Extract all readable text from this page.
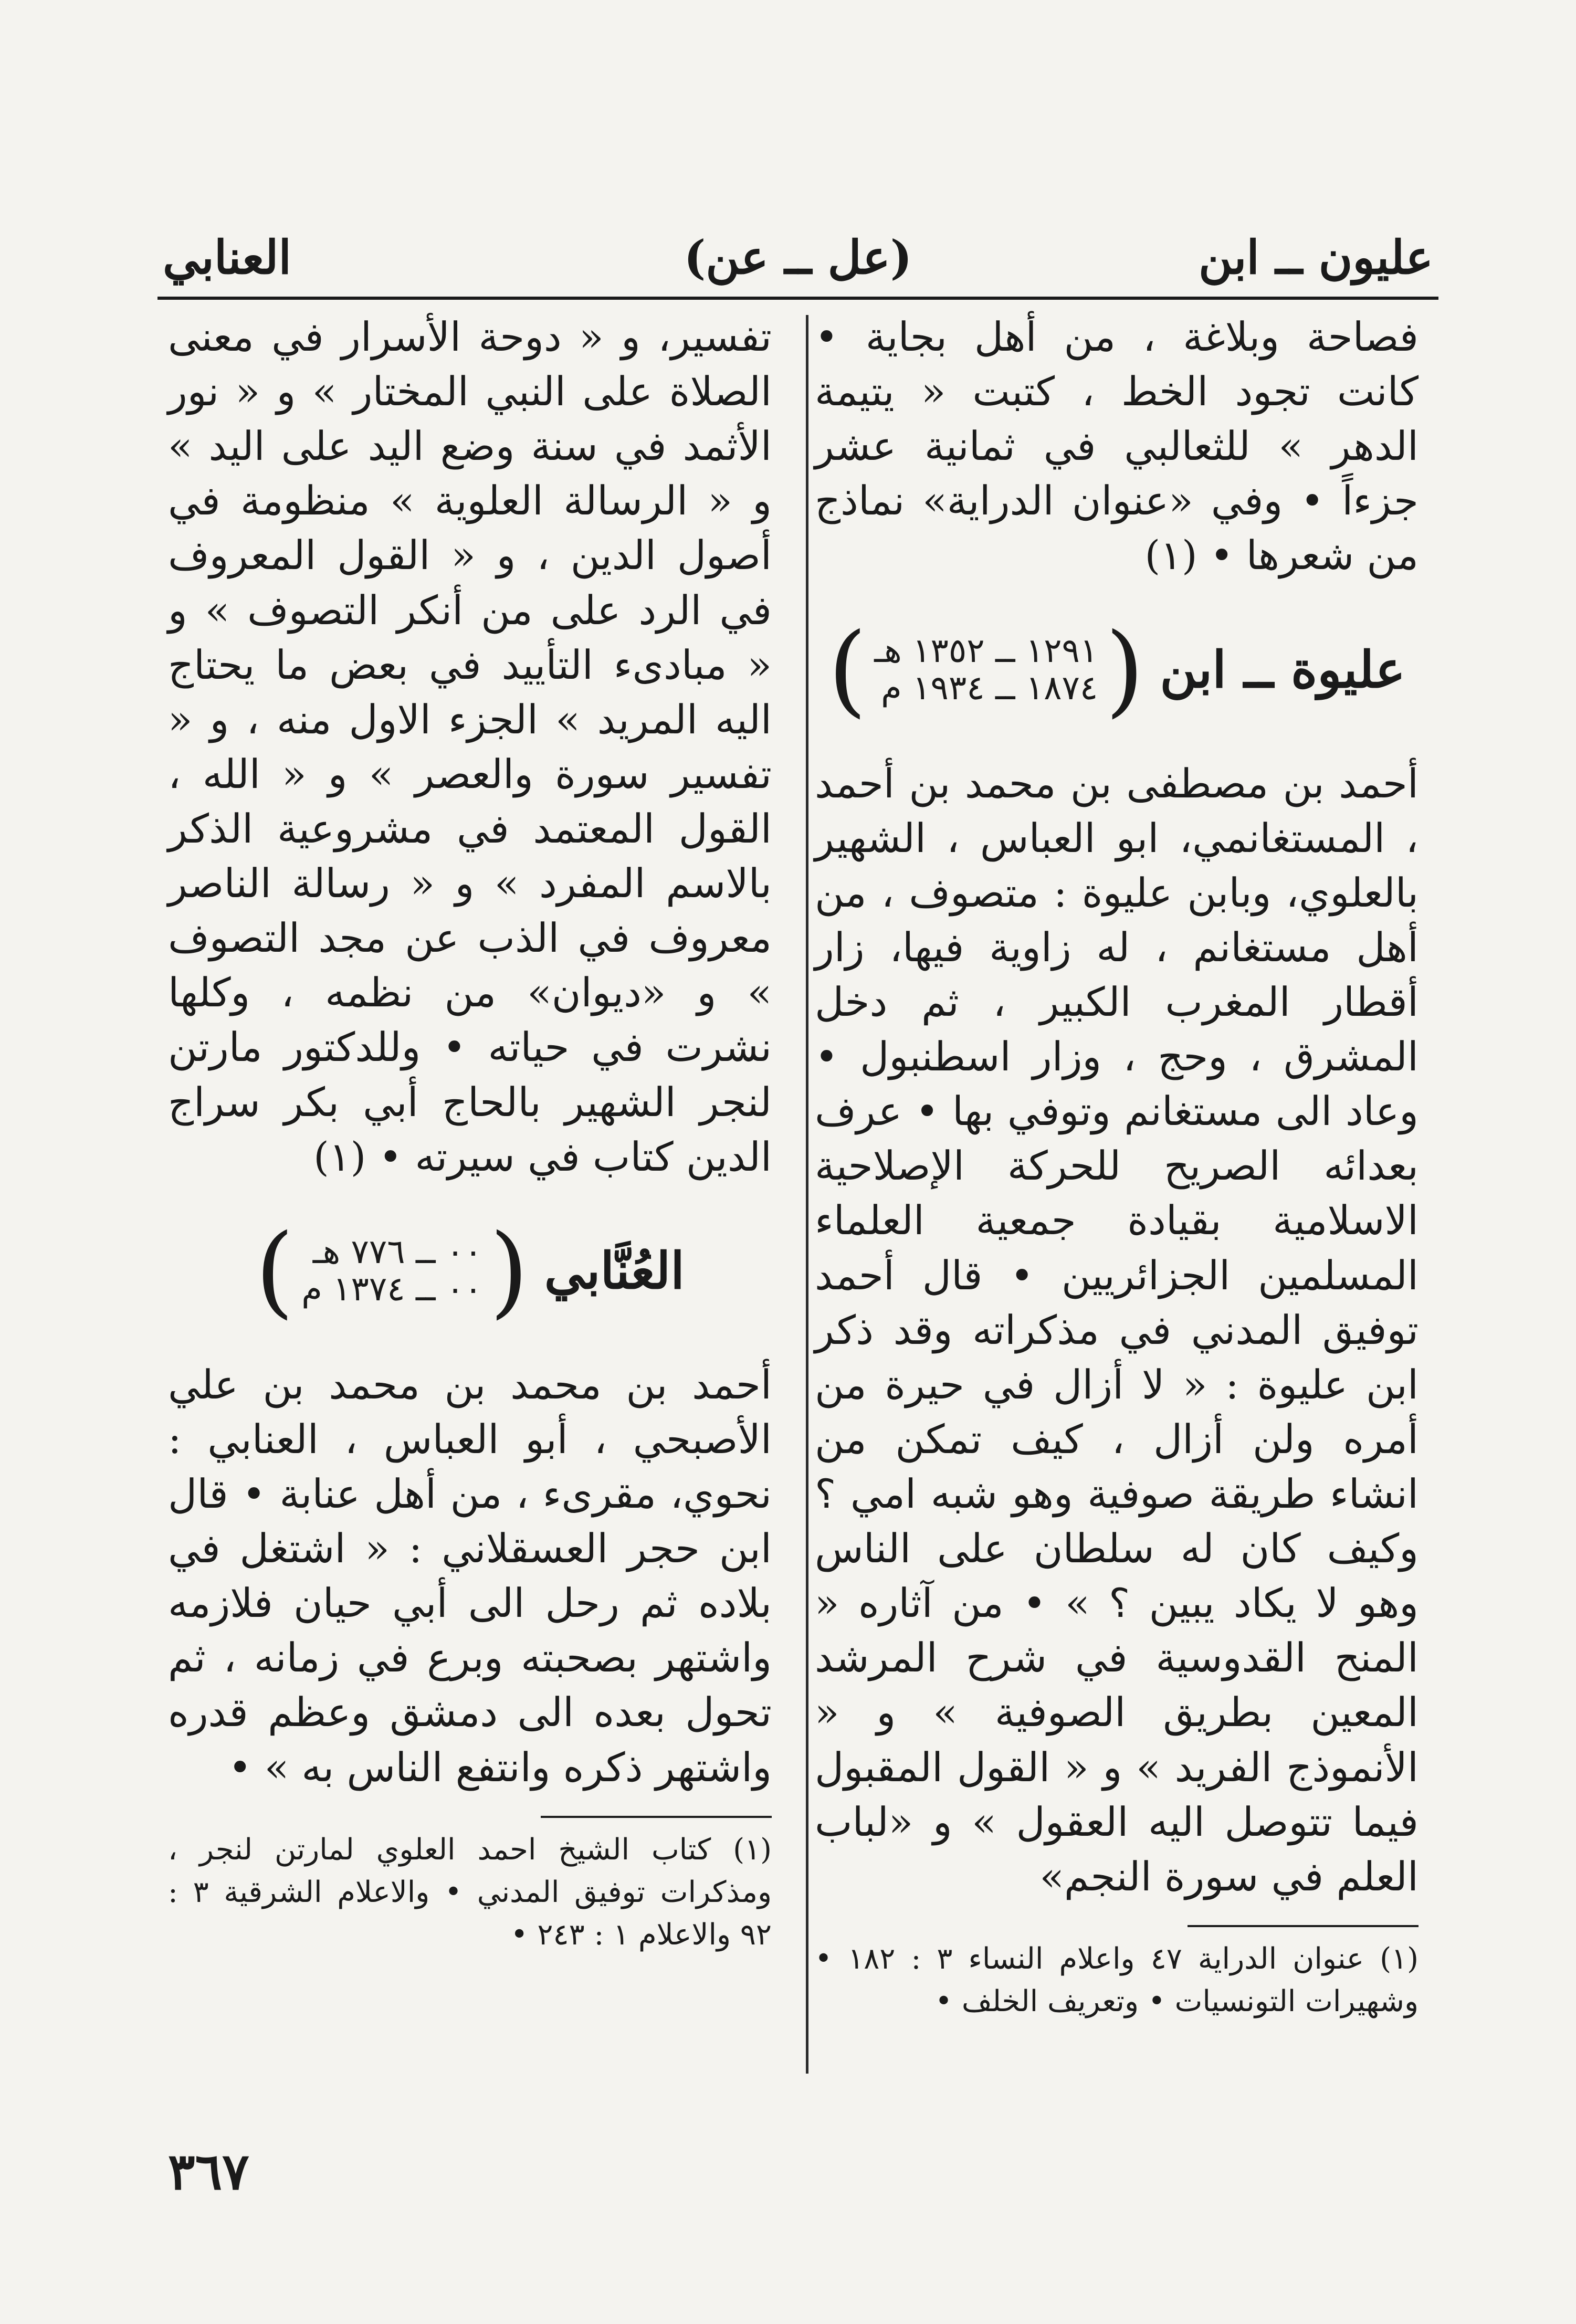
عليون ــ ابن
(عل ــ عن)
العنابي

فصاحة وبلاغة ، من أهل بجاية • كانت تجود الخط ، كتبت « يتيمة الدهر » للثعالبي في ثمانية عشر جزءاً • وفي «عنوان الدراية» نماذج من شعرها • (١)

عليوة ــ ابن
(
١٢٩١ ــ ١٣٥٢ هـ
١٨٧٤ ــ ١٩٣٤ م
)

أحمد بن مصطفى بن محمد بن أحمد ، المستغانمي، ابو العباس ، الشهير بالعلوي، وبابن عليوة : متصوف ، من أهل مستغانم ، له زاوية فيها، زار أقطار المغرب الكبير ، ثم دخل المشرق ، وحج ، وزار اسطنبول • وعاد الى مستغانم وتوفي بها • عرف بعدائه الصريح للحركة الإصلاحية الاسلامية بقيادة جمعية العلماء المسلمين الجزائريين • قال أحمد توفيق المدني في مذكراته وقد ذكر ابن عليوة : « لا أزال في حيرة من أمره ولن أزال ، كيف تمكن من انشاء طريقة صوفية وهو شبه امي ؟ وكيف كان له سلطان على الناس وهو لا يكاد يبين ؟ » • من آثاره « المنح القدوسية في شرح المرشد المعين بطريق الصوفية » و « الأنموذج الفريد » و « القول المقبول فيما تتوصل اليه العقول » و «لباب العلم في سورة النجم»

(١) عنوان الدراية ٤٧ واعلام النساء ٣ : ١٨٢ • وشهيرات التونسيات • وتعريف الخلف •

تفسير، و « دوحة الأسرار في معنى الصلاة على النبي المختار » و « نور الأثمد في سنة وضع اليد على اليد » و « الرسالة العلوية » منظومة في أصول الدين ، و « القول المعروف في الرد على من أنكر التصوف » و « مبادىء التأييد في بعض ما يحتاج اليه المريد » الجزء الاول منه ، و « تفسير سورة والعصر » و « الله ، القول المعتمد في مشروعية الذكر بالاسم المفرد » و « رسالة الناصر معروف في الذب عن مجد التصوف » و «ديوان» من نظمه ، وكلها نشرت في حياته • وللدكتور مارتن لنجر الشهير بالحاج أبي بكر سراج الدين كتاب في سيرته • (١)

العُنَّابي
(
٠٠ ــ ٧٧٦ هـ
٠٠ ــ ١٣٧٤ م
)

أحمد بن محمد بن محمد بن علي الأصبحي ، أبو العباس ، العنابي : نحوي، مقرىء ، من أهل عنابة • قال ابن حجر العسقلاني : « اشتغل في بلاده ثم رحل الى أبي حيان فلازمه واشتهر بصحبته وبرع في زمانه ، ثم تحول بعده الى دمشق وعظم قدره واشتهر ذكره وانتفع الناس به » •

(١) كتاب الشيخ احمد العلوي لمارتن لنجر ، ومذكرات توفيق المدني • والاعلام الشرقية ٣ : ٩٢ والاعلام ١ : ٢٤٣ •

٣٦٧
